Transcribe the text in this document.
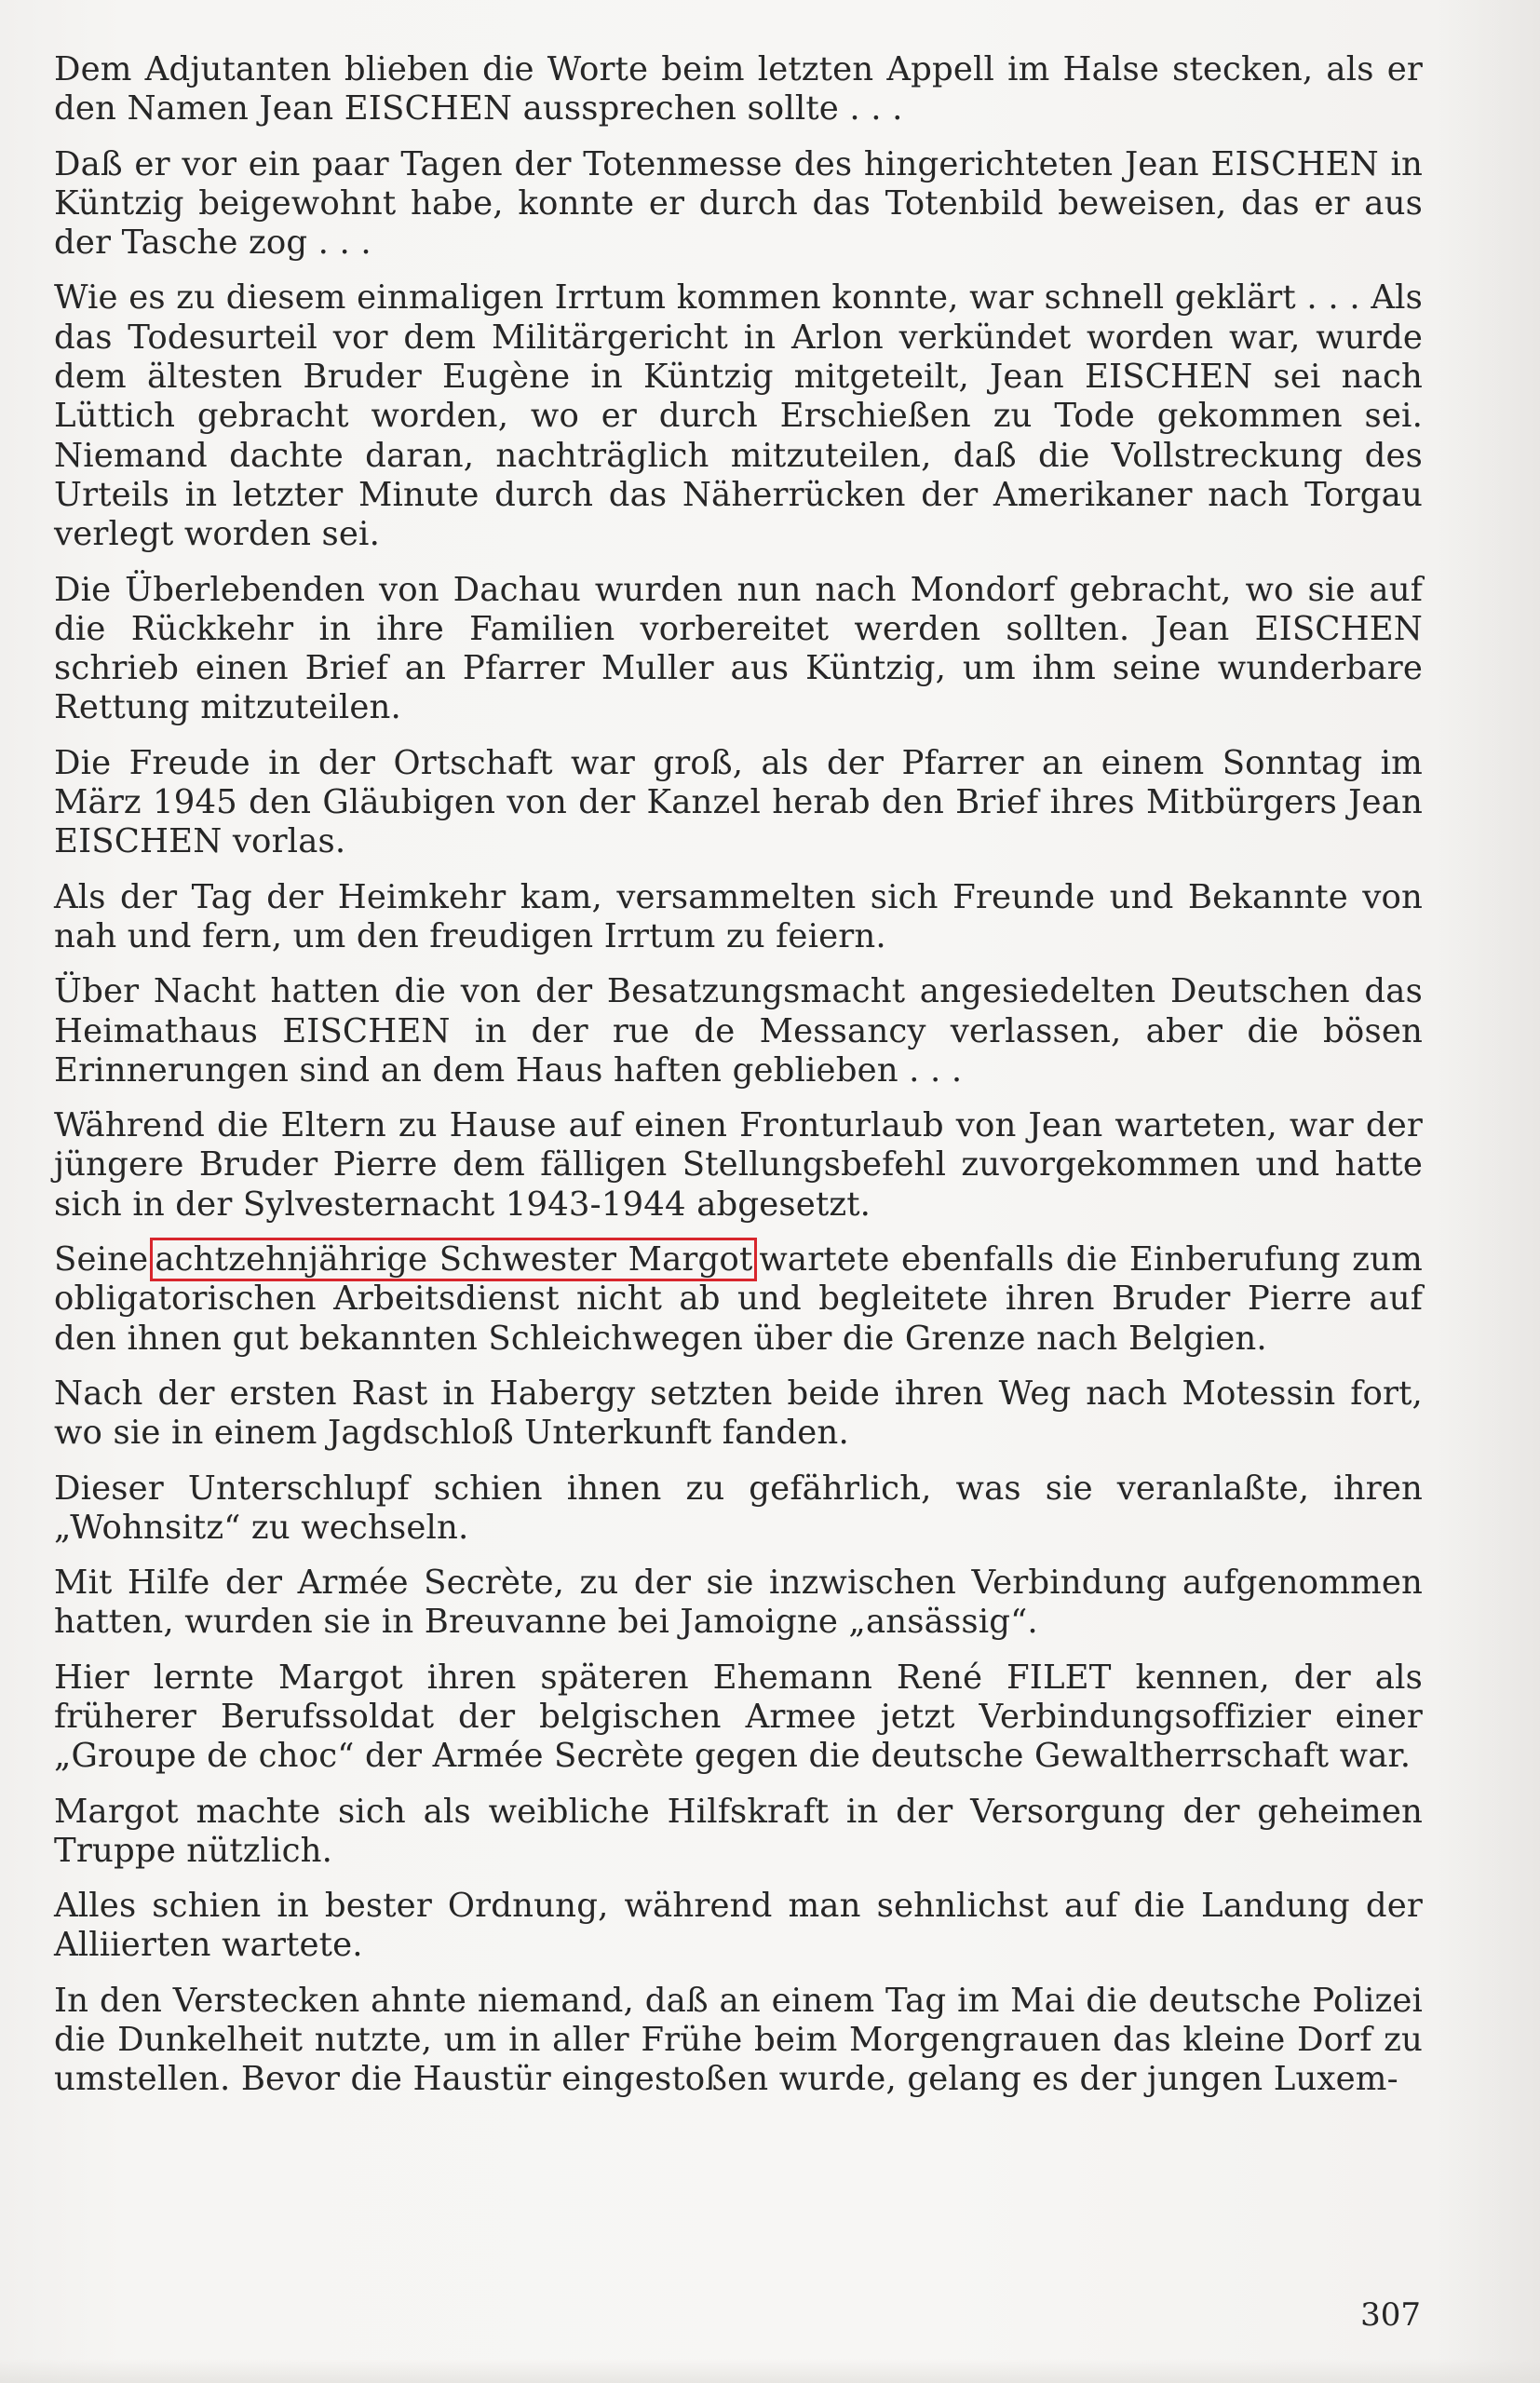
Dem Adjutanten blieben die Worte beim letzten Appell im Halse stecken, als er den Namen Jean EISCHEN aussprechen sollte . . .

Daß er vor ein paar Tagen der Totenmesse des hingerichteten Jean EISCHEN in Küntzig beigewohnt habe, konnte er durch das Totenbild beweisen, das er aus der Tasche zog . . .

Wie es zu diesem einmaligen Irrtum kommen konnte, war schnell geklärt . . . Als das Todesurteil vor dem Militärgericht in Arlon verkündet worden war, wurde dem ältesten Bruder Eugène in Küntzig mitgeteilt, Jean EISCHEN sei nach Lüttich gebracht worden, wo er durch Erschießen zu Tode gekommen sei. Niemand dachte daran, nachträglich mitzuteilen, daß die Vollstreckung des Urteils in letzter Minute durch das Näherrücken der Amerikaner nach Torgau verlegt worden sei.

Die Überlebenden von Dachau wurden nun nach Mondorf gebracht, wo sie auf die Rückkehr in ihre Familien vorbereitet werden sollten. Jean EISCHEN schrieb einen Brief an Pfarrer Muller aus Küntzig, um ihm seine wunderbare Rettung mitzuteilen.

Die Freude in der Ortschaft war groß, als der Pfarrer an einem Sonntag im März 1945 den Gläubigen von der Kanzel herab den Brief ihres Mitbürgers Jean EISCHEN vorlas.

Als der Tag der Heimkehr kam, versammelten sich Freunde und Bekannte von nah und fern, um den freudigen Irrtum zu feiern.

Über Nacht hatten die von der Besatzungsmacht angesiedelten Deutschen das Heimathaus EISCHEN in der rue de Messancy verlassen, aber die bösen Erinnerungen sind an dem Haus haften geblieben . . .

Während die Eltern zu Hause auf einen Fronturlaub von Jean warteten, war der jüngere Bruder Pierre dem fälligen Stellungsbefehl zuvorgekommen und hatte sich in der Sylvesternacht 1943-1944 abgesetzt.

Seine achtzehnjährige Schwester Margot wartete ebenfalls die Einberufung zum obligatorischen Arbeitsdienst nicht ab und begleitete ihren Bruder Pierre auf den ihnen gut bekannten Schleichwegen über die Grenze nach Belgien.

Nach der ersten Rast in Habergy setzten beide ihren Weg nach Motessin fort, wo sie in einem Jagdschloß Unterkunft fanden.

Dieser Unterschlupf schien ihnen zu gefährlich, was sie veranlaßte, ihren „Wohnsitz“ zu wechseln.

Mit Hilfe der Armée Secrète, zu der sie inzwischen Verbindung aufgenommen hatten, wurden sie in Breuvanne bei Jamoigne „ansässig“.

Hier lernte Margot ihren späteren Ehemann René FILET kennen, der als früherer Berufssoldat der belgischen Armee jetzt Verbindungsoffizier einer „Groupe de choc“ der Armée Secrète gegen die deutsche Gewaltherrschaft war.

Margot machte sich als weibliche Hilfskraft in der Versorgung der geheimen Truppe nützlich.

Alles schien in bester Ordnung, während man sehnlichst auf die Landung der Alliierten wartete.

In den Verstecken ahnte niemand, daß an einem Tag im Mai die deutsche Polizei die Dunkelheit nutzte, um in aller Frühe beim Morgengrauen das kleine Dorf zu umstellen. Bevor die Haustür eingestoßen wurde, gelang es der jungen Luxem-

307
